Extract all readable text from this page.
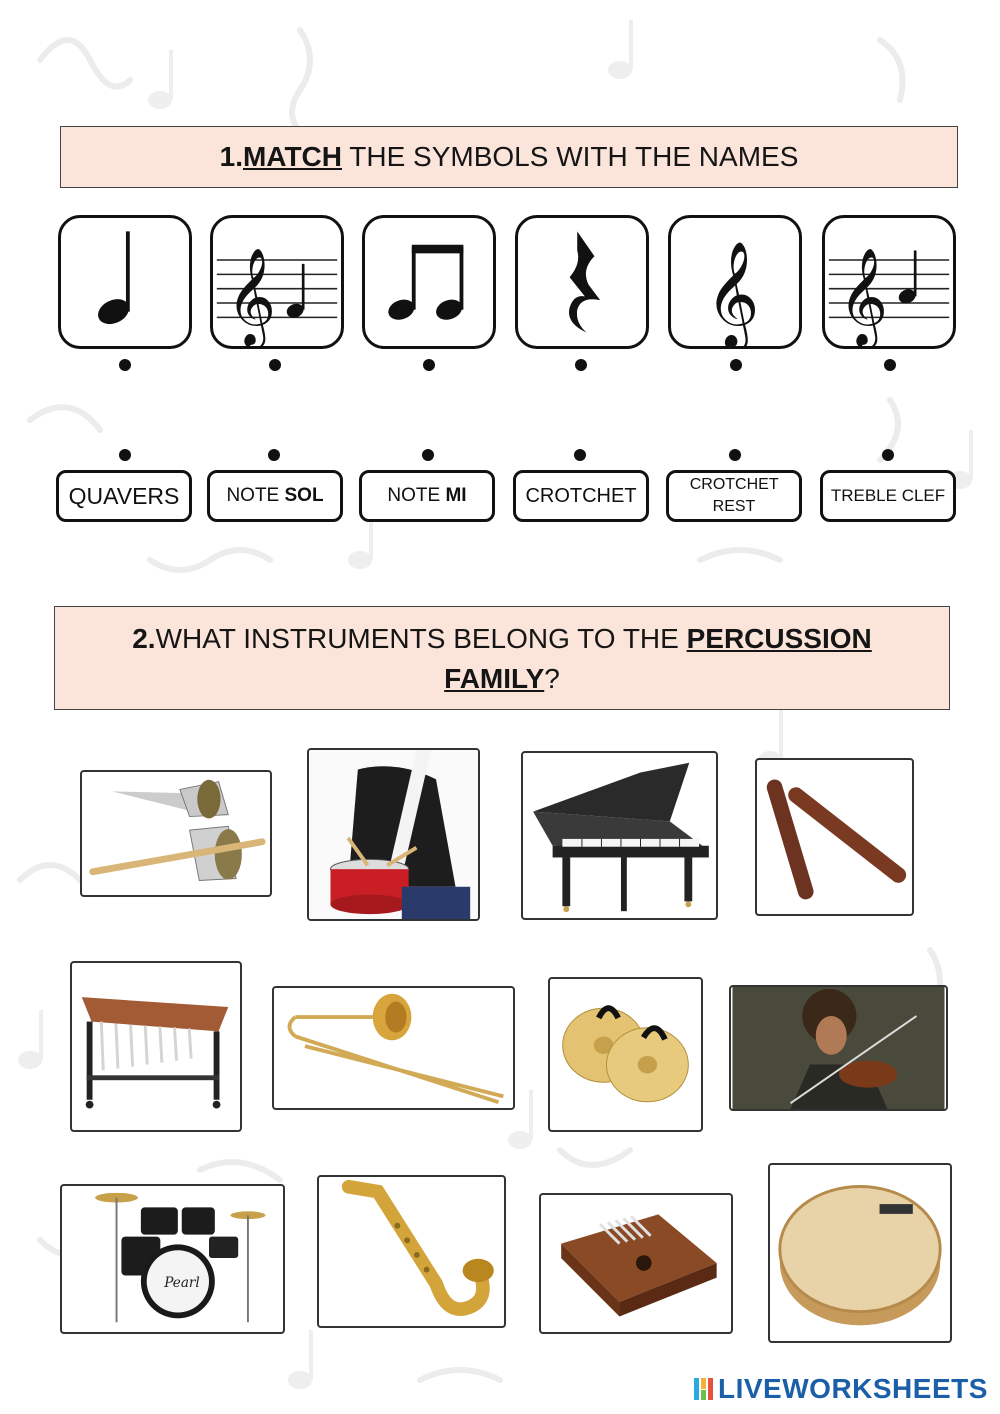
1.MATCH THE SYMBOLS WITH THE NAMES
𝄞	𝄞 𝄞
QUAVERS NOTE SOL	NOTE MI	CROTCHET	CROTCHET REST
TREBLE CLEF
2.WHAT INSTRUMENTS BELONG TO THE PERCUSSION
FAMILY?
Pearl
LIVEWORKSHEETS
